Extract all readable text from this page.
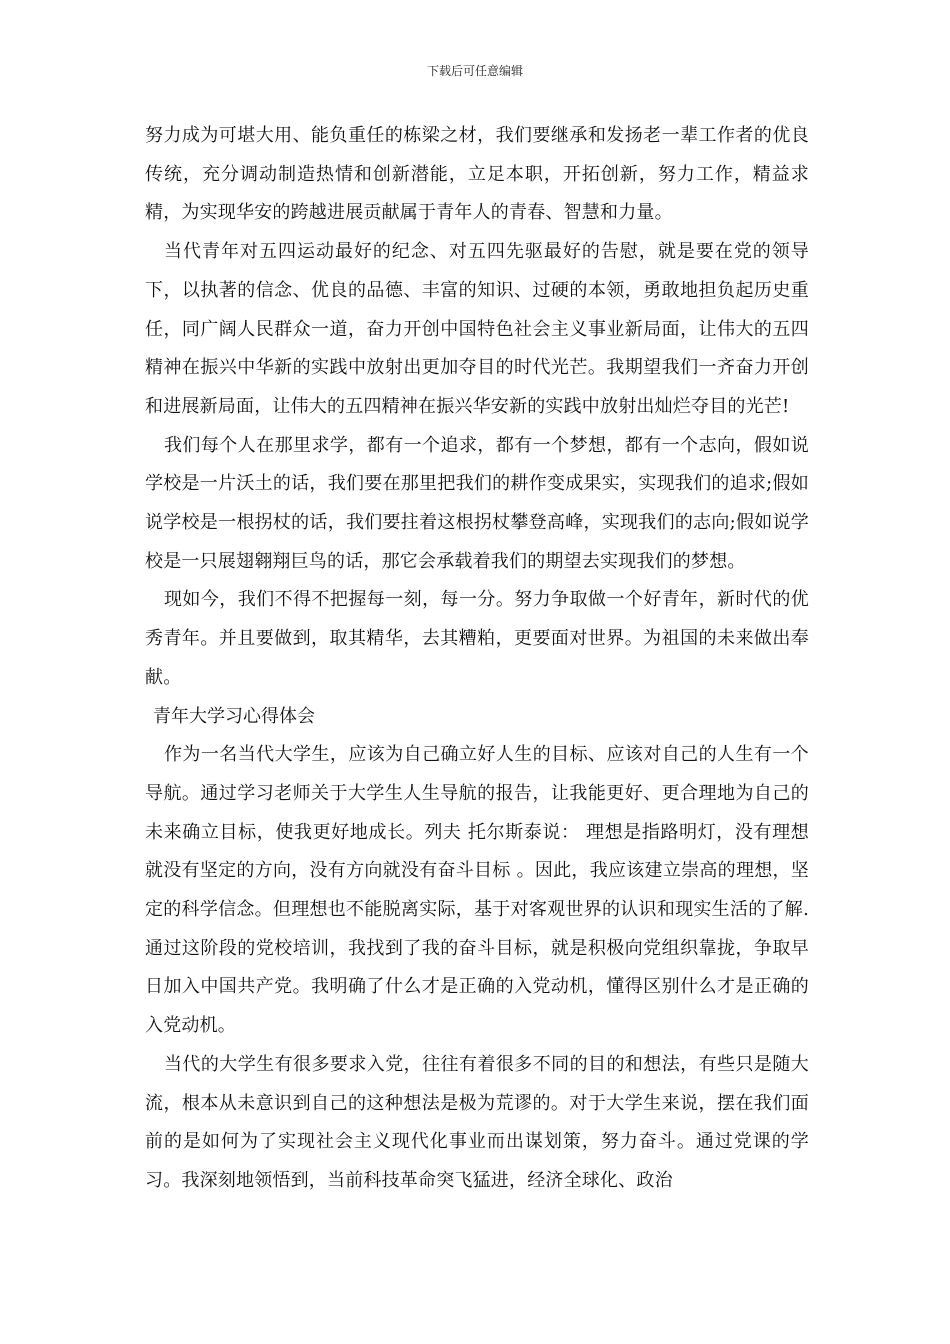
下载后可任意编辑

努力成为可堪大用、能负重任的栋梁之材，我们要继承和发扬老一辈工作者的优良传统，充分调动制造热情和创新潜能，立足本职，开拓创新，努力工作，精益求精，为实现华安的跨越进展贡献属于青年人的青春、智慧和力量。

当代青年对五四运动最好的纪念、对五四先驱最好的告慰，就是要在党的领导下，以执著的信念、优良的品德、丰富的知识、过硬的本领，勇敢地担负起历史重任，同广阔人民群众一道，奋力开创中国特色社会主义事业新局面，让伟大的五四精神在振兴中华新的实践中放射出更加夺目的时代光芒。我期望我们一齐奋力开创和进展新局面，让伟大的五四精神在振兴华安新的实践中放射出灿烂夺目的光芒!

我们每个人在那里求学，都有一个追求，都有一个梦想，都有一个志向，假如说学校是一片沃土的话，我们要在那里把我们的耕作变成果实，实现我们的追求;假如说学校是一根拐杖的话，我们要拄着这根拐杖攀登高峰，实现我们的志向;假如说学校是一只展翅翱翔巨鸟的话，那它会承载着我们的期望去实现我们的梦想。

现如今，我们不得不把握每一刻，每一分。努力争取做一个好青年，新时代的优秀青年。并且要做到，取其精华，去其糟粕，更要面对世界。为祖国的未来做出奉献。

青年大学习心得体会

作为一名当代大学生，应该为自己确立好人生的目标、应该对自己的人生有一个导航。通过学习老师关于大学生人生导航的报告，让我能更好、更合理地为自己的未来确立目标，使我更好地成长。列夫 托尔斯泰说： 理想是指路明灯，没有理想就没有坚定的方向，没有方向就没有奋斗目标 。因此，我应该建立崇高的理想，坚定的科学信念。但理想也不能脱离实际，基于对客观世界的认识和现实生活的了解.通过这阶段的党校培训，我找到了我的奋斗目标，就是积极向党组织靠拢，争取早日加入中国共产党。我明确了什么才是正确的入党动机，懂得区别什么才是正确的入党动机。

当代的大学生有很多要求入党，往往有着很多不同的目的和想法，有些只是随大流，根本从未意识到自己的这种想法是极为荒谬的。对于大学生来说，摆在我们面前的是如何为了实现社会主义现代化事业而出谋划策，努力奋斗。通过党课的学习。我深刻地领悟到，当前科技革命突飞猛进，经济全球化、政治
